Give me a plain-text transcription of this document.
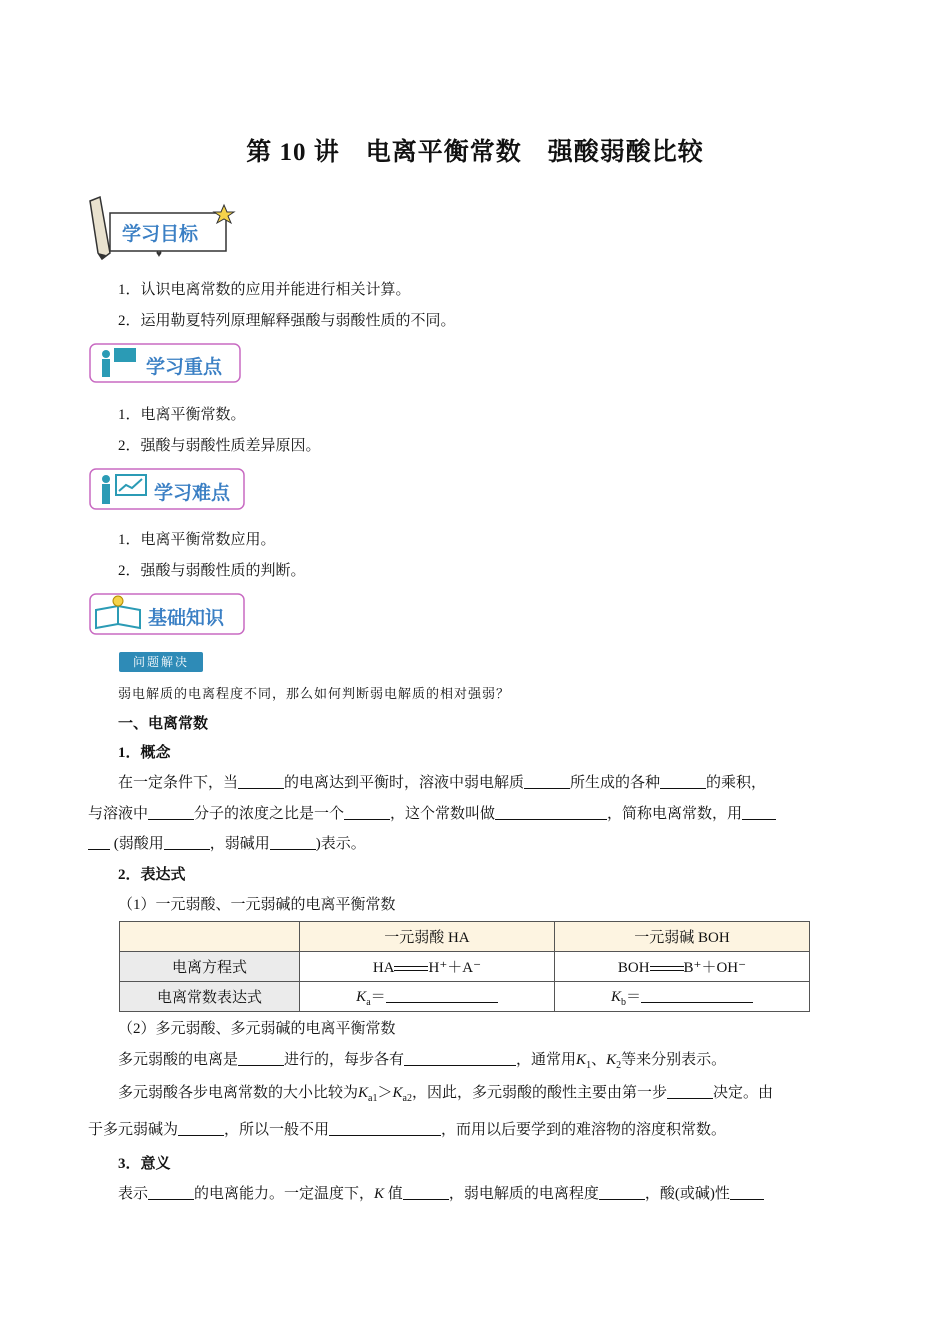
第 10 讲　电离平衡常数　强酸弱酸比较
♥
学习目标
1．认识电离常数的应用并能进行相关计算。
2．运用勒夏特列原理解释强酸与弱酸性质的不同。
学习重点
1．电离平衡常数。
2．强酸与弱酸性质差异原因。
学习难点
1．电离平衡常数应用。
2．强酸与弱酸性质的判断。
基础知识
问题解决
弱电解质的电离程度不同，那么如何判断弱电解质的相对强弱？
一、电离常数
1．概念
在一定条件下，当	的电离达到平衡时，溶液中弱电解质	所生成的各种	的乘积，
与溶液中	分子的浓度之比是一个	，这个常数叫做	，简称电离常数，用
(弱酸用	，弱碱用	)表示。
2．表达式
（1）一元弱酸、一元弱碱的电离平衡常数
	一元弱酸 HA	一元弱碱 BOH
电离方程式	HA H⁺＋A⁻	BOH B⁺＋OH⁻
电离常数表达式	$K_a=$	$K_b=$
（2）多元弱酸、多元弱碱的电离平衡常数
多元弱酸的电离是	进行的，每步各有	，通常用$K_1$、$K_2$等来分别表示。
多元弱酸各步电离常数的大小比较为$K_{a1}>K_{a2}$，因此，多元弱酸的酸性主要由第一步	决定。由
于多元弱碱为	，所以一般不用	，而用以后要学到的难溶物的溶度积常数。
3．意义
表示	的电离能力。一定温度下，K 值	，弱电解质的电离程度	，酸(或碱)性
